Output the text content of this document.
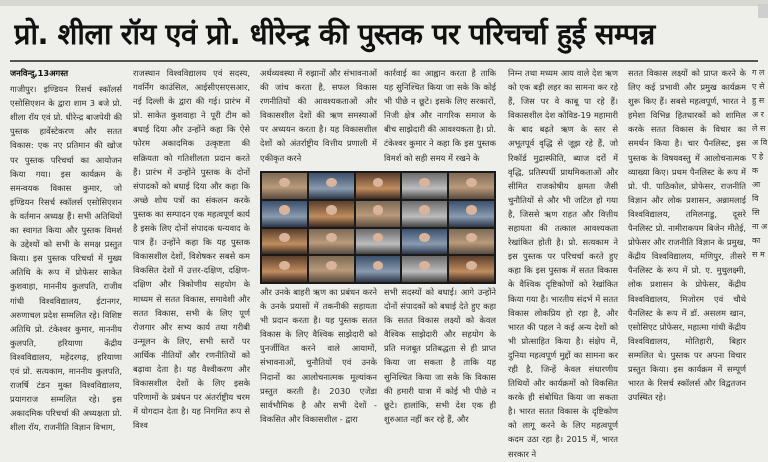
प्रो. शीला रॉय एवं प्रो. धीरेन्द्र की पुस्तक पर परिचर्चा हुई सम्पन्न

जनविन्दु,13अगस्त

गाजीपुर। इण्डियन रिसर्च स्कॉलर्स एसोसिएशन के द्वारा शाम 3 बजे प्रो. शीला रॉय एवं प्रो. धीरेन्द्र बाजपेयी की पुस्तक हार्वेस्टेकरण और सतत विकास: एक नए प्रतिमान की खोज पर पुस्तक परिचर्चा का आयोजन किया गया। इस कार्यक्रम के समन्वयक विकास कुमार, जो इण्डियन रिसर्च स्कॉलर्स एसोसिएशन के वर्तमान अध्यक्ष हैं। सभी अतिथियों का स्वागत किया और पुस्तक विमर्श के उद्देश्यों को सभी के समक्ष प्रस्तुत किया। इस पुस्तक परिचर्चा में मुख्य अतिथि के रूप में प्रोफेसर साकेत कुशवाहा, माननीय कुलपति, राजीव गांधी विश्वविद्यालय, ईटानगर, अरुणाचल प्रदेश सम्मलित रहे। विशिष्ट अतिथि प्रो. टंकेश्वर कुमार, माननीय कुलपति, हरियाणा केंद्रीय विश्वविद्यालय, महेंदरगढ़, हरियाणा एवं प्रो. सत्यकाम, माननीय कुलपति, राजर्षि टंडन मुक्त विश्वविद्यालय, प्रयागराज सम्मलित रहे। इस अकादमिक परिचर्चा की अध्यक्षता प्रो. शीला रॉय, राजनीति विज्ञान विभाग,

राजस्थान विश्वविद्यालय एवं सदस्य, गवर्निंग काउंसिल, आईसीएसएसआर, नई दिल्ली के द्वारा की गई। प्रारंभ में प्रो. साकेत कुशवाहा ने पूरी टीम को बधाई दिया और उन्होंने कहा कि ऐसे फोरम अकादमिक उत्कृष्टता की सक्रियता को गतिशीलता प्रदान करते हैं। प्रारंभ में उन्होंने पुस्तक के दोनों संपादकों को बधाई दिया और कहा कि अच्छे शोध पत्रों का संकलन करके पुस्तक का सम्पादन एक महत्वपूर्ण कार्य है इसके लिए दोनों संपादक धन्यवाद के पात्र हैं। उन्होंने कहा कि यह पुस्तक विकासशील देशों, विशेषकर सबसे कम विकसित देशों में उत्तर-दक्षिण, दक्षिण-दक्षिण और त्रिकोणीय सहयोग के माध्यम से सतत विकास, समावेशी और सतत विकास, सभी के लिए पूर्ण रोजगार और सभ्य कार्य तथा गरीबी उन्मूलन के लिए, सभी स्तरों पर आर्थिक नीतियों और रणनीतियों को बढ़ावा देता है। यह वैश्वीकरण और विकासशील देशों के लिए इसके परिणामों के प्रबंधन पर अंतर्राष्ट्रीय चरम में योगदान देता है। यह निगमित रूप से विश्व

अर्थव्यवस्था में रुझानों और संभावनाओं की जांच करता है, सफल विकास रणनीतियों की आवश्यकताओं और विकासशील देशों की ऋण समस्याओं पर अध्ययन करता है। यह विकासशील देशों को अंतर्राष्ट्रीय वित्तीय प्रणाली में एकीकृत करने

कार्रवाई का आह्वान करता है ताकि यह सुनिश्चित किया जा सके कि कोई भी पीछे न छूटे। इसके लिए सरकारों, निजी क्षेत्र और नागरिक समाज के बीच साझेदारी की आवश्यकता है। प्रो. टंकेश्वर कुमार ने कहा कि इस पुस्तक विमर्श को सही समय में रखने के

और उनके बाहरी ऋण का प्रबंधन करने के उनके प्रयासों में तकनीकी सहायता भी प्रदान करता है। यह पुस्तक सतत विकास के लिए वैश्विक साझेदारी को पुनर्जीवित करने वाले आयामों, संभावनाओं, चुनौतियों एवं उनके निदानों का आलोचनात्मक मूल्यांकन प्रस्तुत करती है। 2030 एजेंडा सार्वभौमिक है और सभी देशों - विकसित और विकासशील - द्वारा

सभी सदस्यों को बधाई। आगे उन्होंने दोनों संपादकों को बधाई देते हुए कहा कि सतत विकास लक्ष्यों को केवल वैश्विक साझेदारी और सहयोग के प्रति मजबूत प्रतिबद्धता से ही प्राप्त किया जा सकता है ताकि यह सुनिश्चित किया जा सके कि विकास की हमारी यात्रा में कोई भी पीछे न छूटे। हालांकि, सभी देश एक ही शुरुआत नहीं कर रहे हैं, और

निम्न तथा मध्यम आय वाले देश ऋण को एक बड़ी लहर का सामना कर रहे हैं, जिस पर वे काबू पा रहे हैं। विकासशील देश कोविड-19 महामारी के बाद बढ़ते ऋण के स्तर से अभूतपूर्व वृद्धि से जूझ रहे हैं, जो रिकॉर्ड मुद्रास्फीति, ब्याज दरों में वृद्धि, प्रतिस्पर्धी प्राथमिकताओं और सीमित राजकोषीय क्षमता जैसी चुनौतियों से और भी जटिल हो गया है, जिससे ऋण राहत और वित्तीय सहायता की तत्काल आवश्यकता रेखांकित होती है। प्रो. सत्यकाम ने इस पुस्तक पर परिचर्चा करते हुए कहा कि इस पुस्तक में सतत विकास के वैश्विक दृष्टिकोणों को रेखांकित किया गया है। भारतीय संदर्भ में सतत विकास लोकप्रिय हो रहा है, और भारत की पहल ने कई अन्य देशों को भी प्रोत्साहित किया है। संक्षेप में, दुनिया महत्वपूर्ण मुद्दों का सामना कर रही है, जिन्हें केवल संधारणीय तिथियों और कार्यक्रमों को विकसित करके ही संबोधित किया जा सकता है। भारत सतत विकास के दृष्टिकोण को लागू करने के लिए महत्वपूर्ण कदम उठा रहा है। 2015 में, भारत सरकार ने

सतत विकास लक्ष्यों को प्राप्त करने के लिए कई प्रभावी और प्रमुख कार्यक्रम शुरू किए हैं। सबसे महत्वपूर्ण, भारत ने हमेशा विभिन्न हितधारकों को शामिल करके सतत विकास के विचार का समर्थन किया है। चार पैनलिस्ट, इस पुस्तक के विषयवस्तु में आलोचनात्मक व्याख्या किए। प्रथम पैनलिस्ट के रूप में प्रो. पी. पाठिकोल, प्रोफेसर, राजनीति विज्ञान और लोक प्रशासन, अन्नामलाई विश्वविद्यालय, तमिलनाडु, दूसरे पैनलिस्ट प्रो. नामीराकपम बिजेन मीतेई, प्रोफेसर और राजनीति विज्ञान के प्रमुख, केंद्रीय विश्वविद्यालय, मणिपुर, तीसरे पैनलिस्ट के रूप में प्रो. ए. मुथुलक्ष्मी, लोक प्रशासन के प्रोफेसर, केंद्रीय विश्वविद्यालय, मिजोरम एवं चौथे पैनलिस्ट के रूप में डॉ. असलम खान, एसोसिएट प्रोफेसर, महात्मा गांधी केंद्रीय विश्वविद्यालय, मोतिहारी, बिहार सम्मलित थे। पुस्तक पर अपना विचार प्रस्तुत किया। इस कार्यक्रम में सम्पूर्ण भारत के रिसर्च स्कॉलर्स और विद्वतजन उपस्थित रहे।

ग ल ए से हु स अ र ले स अ वि ए हे क आ वि सि ना अ का स म
